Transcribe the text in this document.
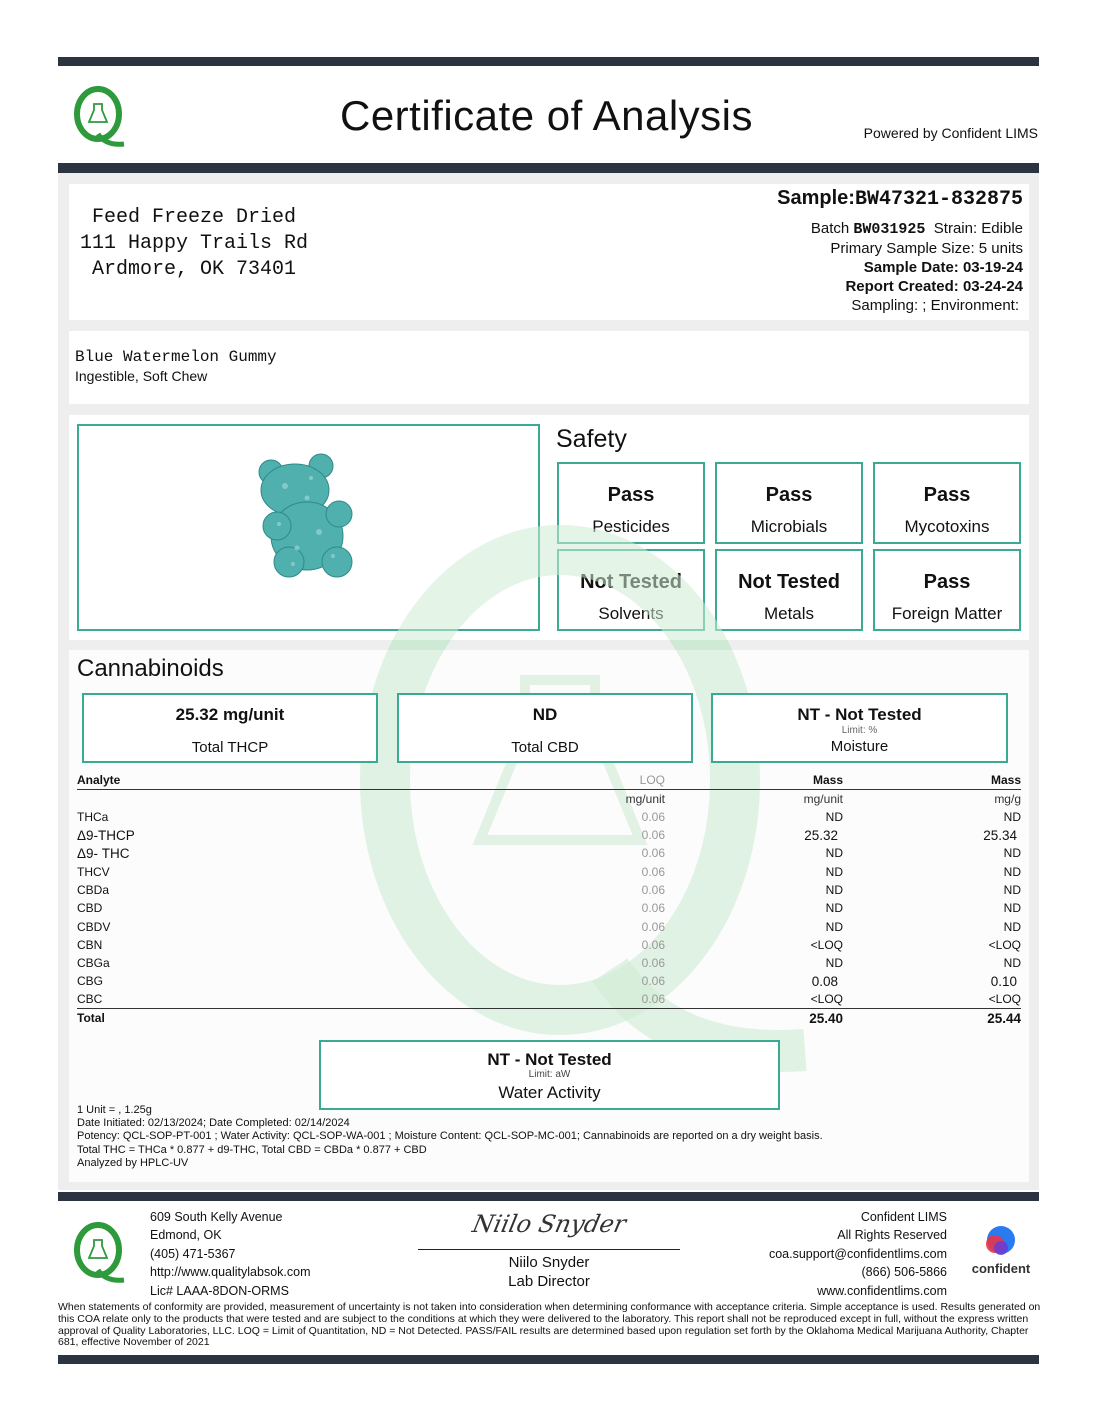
Certificate of Analysis	Powered by Confident LIMS
Feed Freeze Dried
111 Happy Trails Rd
Ardmore, OK 73401
Sample:BW47321-832875
Batch BW031925 Strain: Edible
Primary Sample Size: 5 units
Sample Date: 03-19-24
Report Created: 03-24-24
Sampling: ; Environment:
Blue Watermelon Gummy
Ingestible, Soft Chew
Safety
Pass
Pesticides
Pass
Microbials
Pass
Mycotoxins
Not Tested
Solvents
Not Tested
Metals
Pass
Foreign Matter
Cannabinoids
25.32 mg/unit
Total THCP
ND
Total CBD
NT - Not Tested
Limit: %
Moisture
Analyte	LOQ	Mass	Mass
	mg/unit	mg/unit	mg/g
THCa	0.06	ND	ND
Δ9-THCP	0.06	25.32	25.34
Δ9- THC	0.06	ND	ND
THCV	0.06	ND	ND
CBDa	0.06	ND	ND
CBD	0.06	ND	ND
CBDV	0.06	ND	ND
CBN	0.06	<LOQ	<LOQ
CBGa	0.06	ND	ND
CBG	0.06	0.08	0.10
CBC	0.06	<LOQ	<LOQ
Total		25.40	25.44
NT - Not Tested
Limit: aW
Water Activity
1 Unit = , 1.25g
Date Initiated: 02/13/2024; Date Completed: 02/14/2024
Potency: QCL-SOP-PT-001 ; Water Activity: QCL-SOP-WA-001 ; Moisture Content: QCL-SOP-MC-001; Cannabinoids are reported on a dry weight basis.
Total THC = THCa * 0.877 + d9-THC, Total CBD = CBDa * 0.877 + CBD
Analyzed by HPLC-UV
609 South Kelly Avenue
Edmond, OK
(405) 471-5367
http://www.qualitylabsok.com
Lic# LAAA-8DON-ORMS
Niilo Snyder
Niilo Snyder
Lab Director
Confident LIMS
All Rights Reserved
coa.support@confidentlims.com
(866) 506-5866
www.confidentlims.com
confident
When statements of conformity are provided, measurement of uncertainty is not taken into consideration when determining conformance with acceptance criteria. Simple acceptance is used. Results generated on this COA relate only to the products that were tested and are subject to the conditions at which they were delivered to the laboratory. This report shall not be reproduced except in full, without the express written approval of Quality Laboratories, LLC. LOQ = Limit of Quantitation, ND = Not Detected. PASS/FAIL results are determined based upon regulation set forth by the Oklahoma Medical Marijuana Authority, Chapter 681, effective November of 2021
